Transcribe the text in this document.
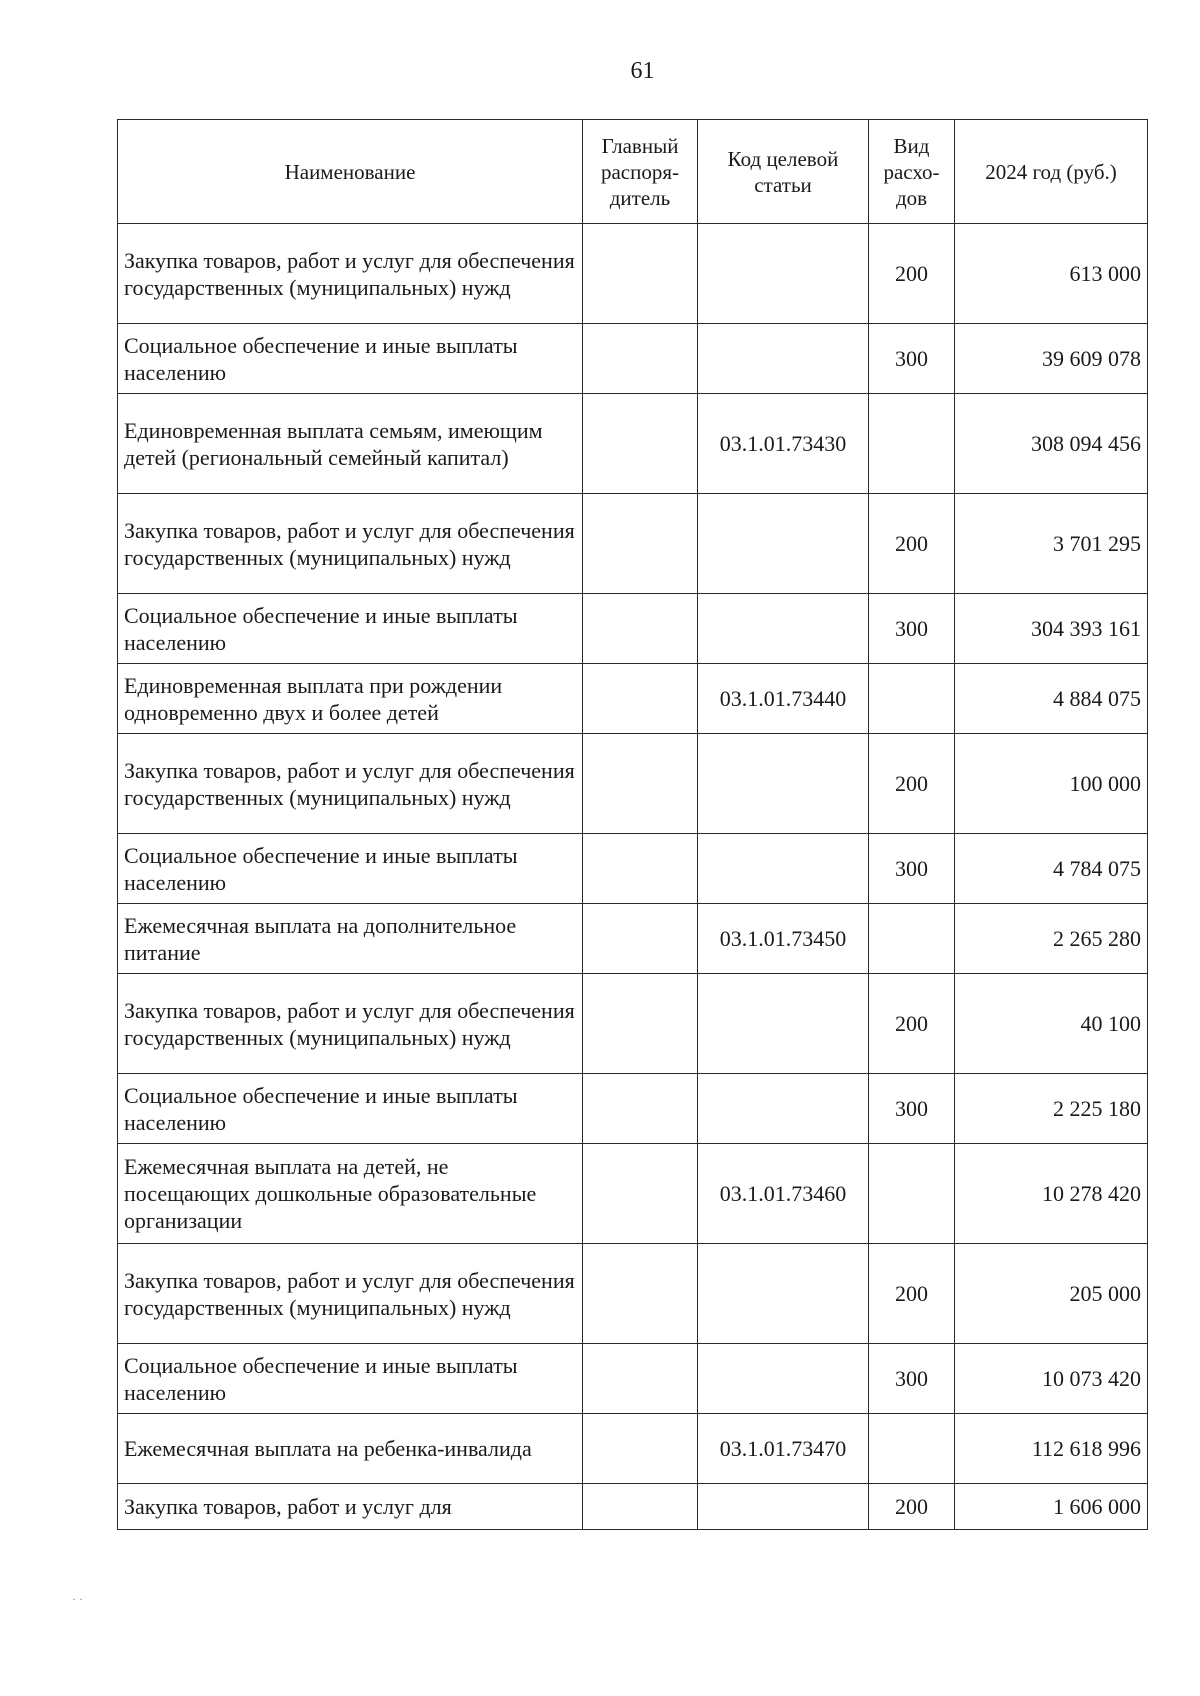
61
Наименование	Главный распоря-дитель	Код целевой статьи	Вид расхо-дов	2024 год (руб.)
Закупка товаров, работ и услуг для обеспечения государственных (муниципальных) нужд			200	613 000
Социальное обеспечение и иные выплаты населению			300	39 609 078
Единовременная выплата семьям, имеющим детей (региональный семейный капитал)		03.1.01.73430		308 094 456
Закупка товаров, работ и услуг для обеспечения государственных (муниципальных) нужд			200	3 701 295
Социальное обеспечение и иные выплаты населению			300	304 393 161
Единовременная выплата при рождении одновременно двух и более детей		03.1.01.73440		4 884 075
Закупка товаров, работ и услуг для обеспечения государственных (муниципальных) нужд			200	100 000
Социальное обеспечение и иные выплаты населению			300	4 784 075
Ежемесячная выплата на дополнительное питание		03.1.01.73450		2 265 280
Закупка товаров, работ и услуг для обеспечения государственных (муниципальных) нужд			200	40 100
Социальное обеспечение и иные выплаты населению			300	2 225 180
Ежемесячная выплата на детей, не посещающих дошкольные образовательные организации		03.1.01.73460		10 278 420
Закупка товаров, работ и услуг для обеспечения государственных (муниципальных) нужд			200	205 000
Социальное обеспечение и иные выплаты населению			300	10 073 420
Ежемесячная выплата на ребенка-инвалида		03.1.01.73470		112 618 996
Закупка товаров, работ и услуг для			200	1 606 000
· ·
